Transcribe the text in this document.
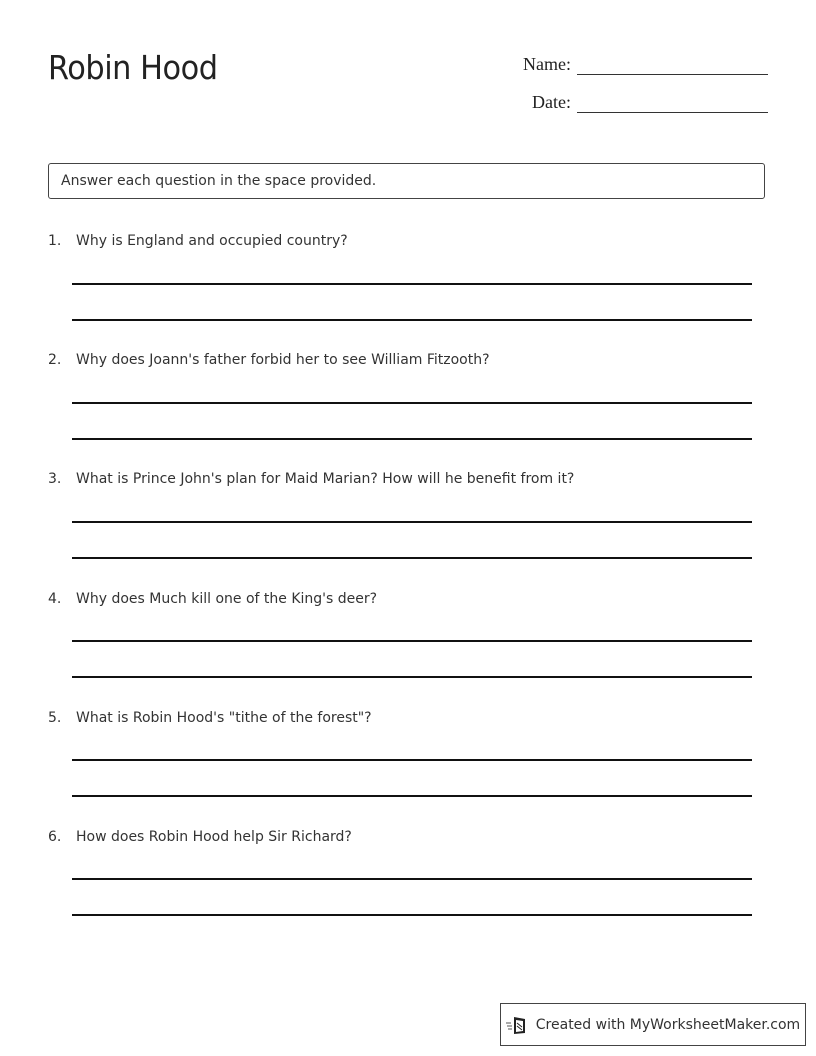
Robin Hood	Name:
Date:
Answer each question in the space provided.
1.	Why is England and occupied country?
2.	Why does Joann's father forbid her to see William Fitzooth?
3.	What is Prince John's plan for Maid Marian? How will he benefit from it?
4.	Why does Much kill one of the King's deer?
5.	What is Robin Hood's "tithe of the forest"?
6.	How does Robin Hood help Sir Richard?
Created with MyWorksheetMaker.com
